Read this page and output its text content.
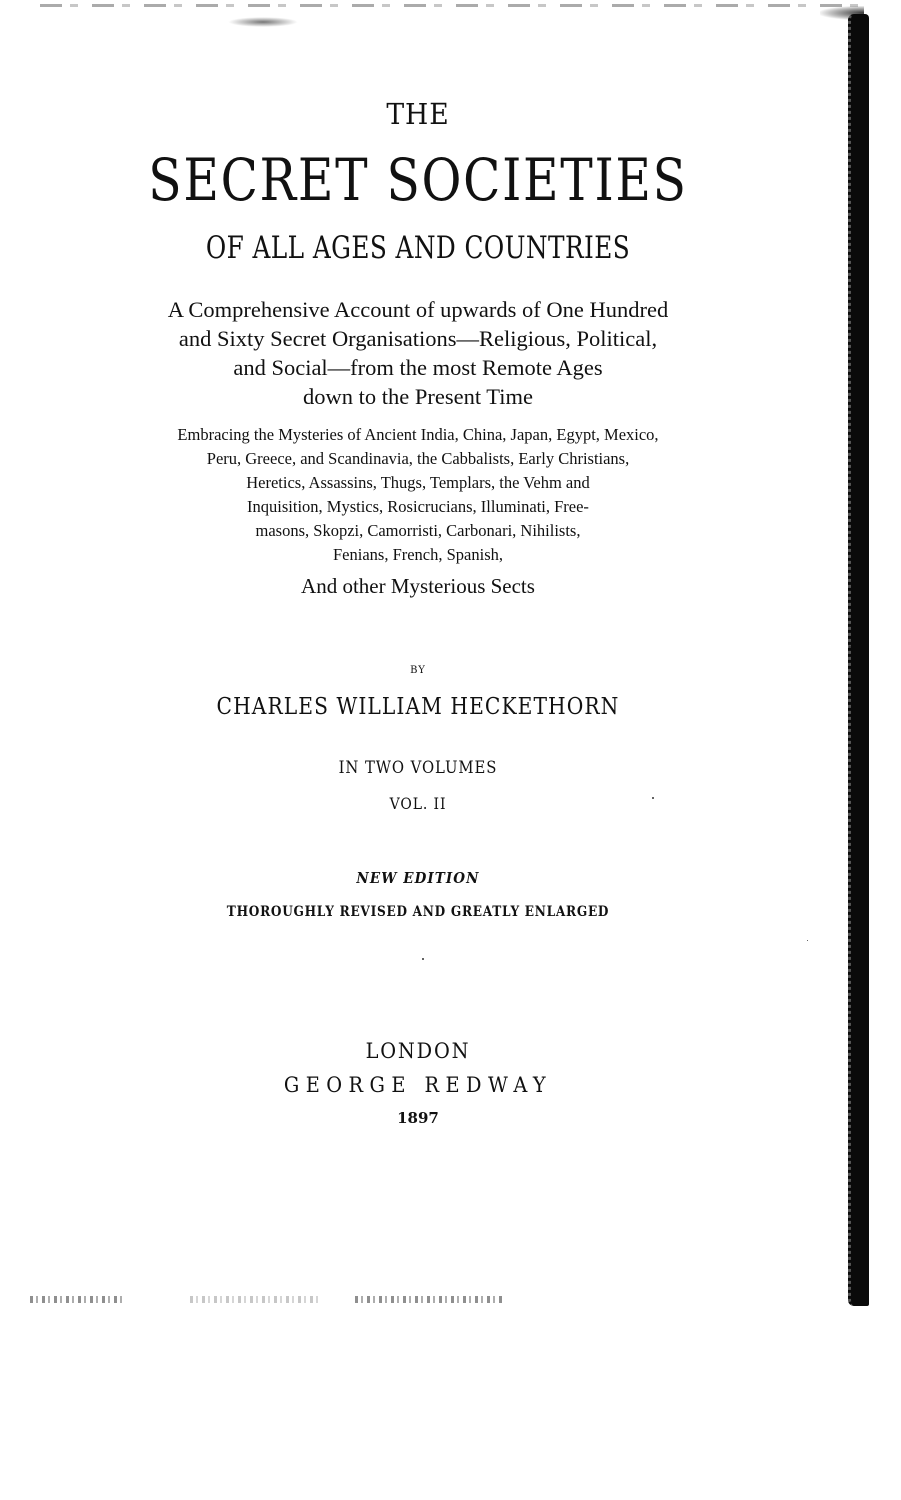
THE
SECRET SOCIETIES
OF ALL AGES AND COUNTRIES
A Comprehensive Account of upwards of One Hundred
and Sixty Secret Organisations—Religious, Political,
and Social—from the most Remote Ages
down to the Present Time
Embracing the Mysteries of Ancient India, China, Japan, Egypt, Mexico,
Peru, Greece, and Scandinavia, the Cabbalists, Early Christians,
Heretics, Assassins, Thugs, Templars, the Vehm and
Inquisition, Mystics, Rosicrucians, Illuminati, Free-
masons, Skopzi, Camorristi, Carbonari, Nihilists,
Fenians, French, Spanish,
And other Mysterious Sects
BY
CHARLES WILLIAM HECKETHORN
IN TWO VOLUMES
VOL. II
NEW EDITION
THOROUGHLY REVISED AND GREATLY ENLARGED
LONDON
GEORGE REDWAY
1897
